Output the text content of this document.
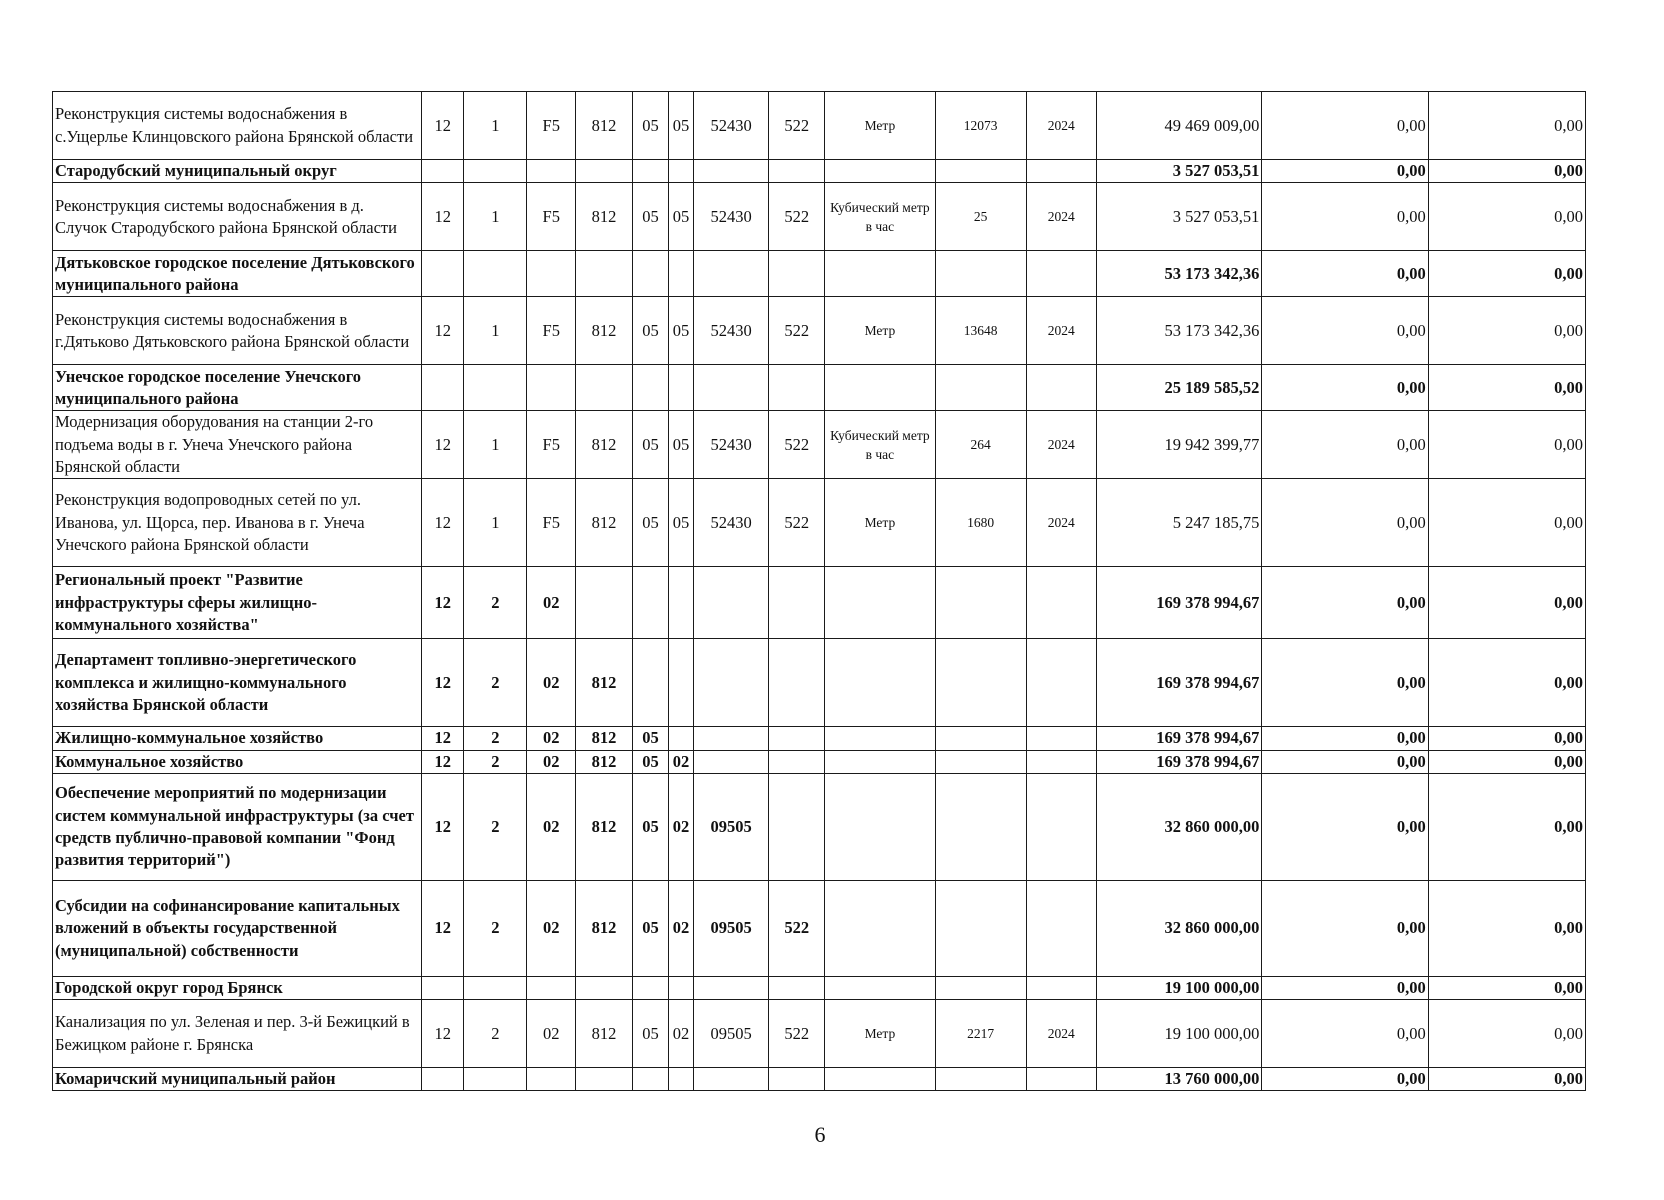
Реконструкция системы водоснабжения в с.Ущерлье Клинцовского района Брянской области	12	1	F5	812	05	05	52430	522	Метр	12073	2024	49 469 009,00	0,00	0,00
Стародубский муниципальный округ												3 527 053,51	0,00	0,00
Реконструкция системы водоснабжения в д. Случок Стародубского района Брянской области	12	1	F5	812	05	05	52430	522	Кубический метр в час	25	2024	3 527 053,51	0,00	0,00
Дятьковское городское поселение Дятьковского муниципального района												53 173 342,36	0,00	0,00
Реконструкция системы водоснабжения в г.Дятьково Дятьковского района Брянской области	12	1	F5	812	05	05	52430	522	Метр	13648	2024	53 173 342,36	0,00	0,00
Унечское городское поселение Унечского муниципального района												25 189 585,52	0,00	0,00
Модернизация оборудования на станции 2-го подъема воды в г. Унеча Унечского района Брянской области	12	1	F5	812	05	05	52430	522	Кубический метр в час	264	2024	19 942 399,77	0,00	0,00
Реконструкция водопроводных сетей по ул. Иванова, ул. Щорса, пер. Иванова в г. Унеча Унечского района Брянской области	12	1	F5	812	05	05	52430	522	Метр	1680	2024	5 247 185,75	0,00	0,00
Региональный проект "Развитие инфраструктуры сферы жилищно-коммунального хозяйства"	12	2	02									169 378 994,67	0,00	0,00
Департамент топливно-энергетического комплекса и жилищно-коммунального хозяйства Брянской области	12	2	02	812								169 378 994,67	0,00	0,00
Жилищно-коммунальное хозяйство	12	2	02	812	05							169 378 994,67	0,00	0,00
Коммунальное хозяйство	12	2	02	812	05	02						169 378 994,67	0,00	0,00
Обеспечение мероприятий по модернизации систем коммунальной инфраструктуры (за счет средств публично-правовой компании "Фонд развития территорий")	12	2	02	812	05	02	09505					32 860 000,00	0,00	0,00
Субсидии на софинансирование капитальных вложений в объекты государственной (муниципальной) собственности	12	2	02	812	05	02	09505	522				32 860 000,00	0,00	0,00
Городской округ город Брянск												19 100 000,00	0,00	0,00
Канализация по ул. Зеленая и пер. 3-й Бежицкий в Бежицком районе г. Брянска	12	2	02	812	05	02	09505	522	Метр	2217	2024	19 100 000,00	0,00	0,00
Комаричский муниципальный район												13 760 000,00	0,00	0,00
6
